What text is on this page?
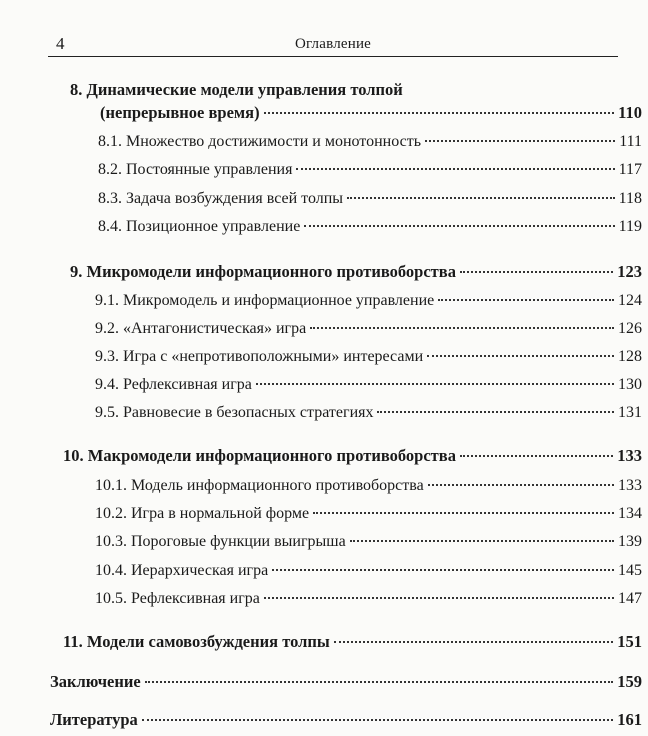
4	Оглавление
8. Динамические модели управления толпой
(непрерывное время)	110
8.1. Множество достижимости и монотонность	111
8.2. Постоянные управления	117
8.3. Задача возбуждения всей толпы	118
8.4. Позиционное управление	119
9. Микромодели информационного противоборства	123
9.1. Микромодель и информационное управление	124
9.2. «Антагонистическая» игра	126
9.3. Игра с «непротивоположными» интересами	128
9.4. Рефлексивная игра	130
9.5. Равновесие в безопасных стратегиях	131
10. Макромодели информационного противоборства	133
10.1. Модель информационного противоборства	133
10.2. Игра в нормальной форме	134
10.3. Пороговые функции выигрыша	139
10.4. Иерархическая игра	145
10.5. Рефлексивная игра	147
11. Модели самовозбуждения толпы	151
Заключение	159
Литература	161
